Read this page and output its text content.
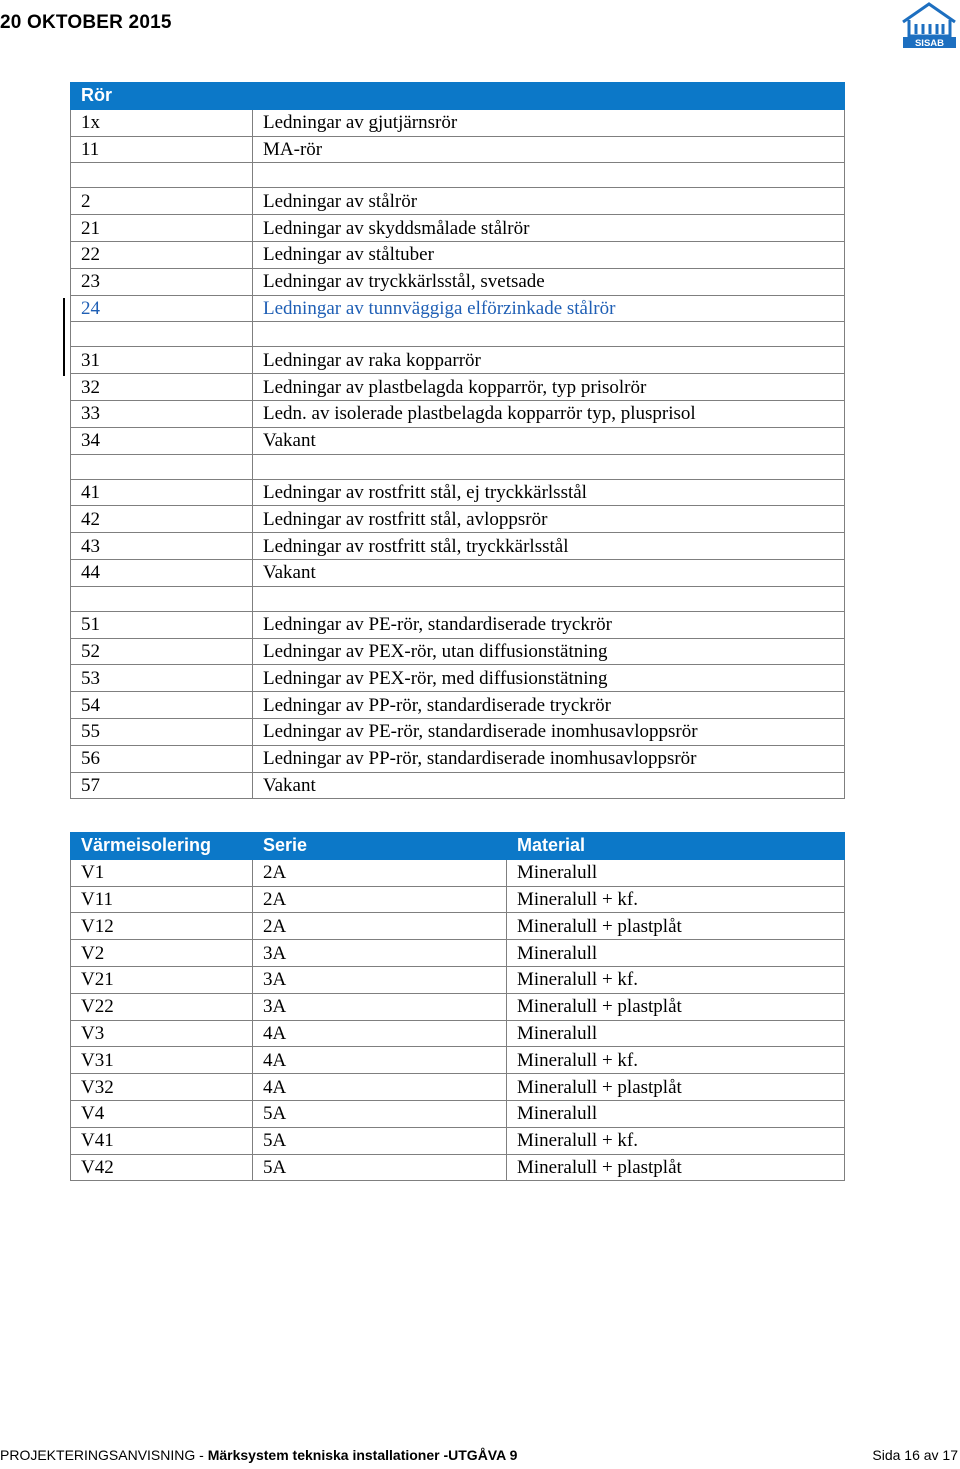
20 OKTOBER 2015
SISAB
Rör	
1x	Ledningar av gjutjärnsrör
11	MA-rör

2	Ledningar av stålrör
21	Ledningar av skyddsmålade stålrör
22	Ledningar av ståltuber
23	Ledningar av tryckkärlsstål, svetsade
24	Ledningar av tunnväggiga elförzinkade stålrör

31	Ledningar av raka kopparrör
32	Ledningar av plastbelagda kopparrör, typ prisolrör
33	Ledn. av isolerade plastbelagda kopparrör typ, plusprisol
34	Vakant

41	Ledningar av rostfritt stål, ej tryckkärlsstål
42	Ledningar av rostfritt stål, avloppsrör
43	Ledningar av rostfritt stål, tryckkärlsstål
44	Vakant

51	Ledningar av PE-rör, standardiserade tryckrör
52	Ledningar av PEX-rör, utan diffusionstätning
53	Ledningar av PEX-rör, med diffusionstätning
54	Ledningar av PP-rör, standardiserade tryckrör
55	Ledningar av PE-rör, standardiserade inomhusavloppsrör
56	Ledningar av PP-rör, standardiserade inomhusavloppsrör
57	Vakant
Värmeisolering	Serie	Material
V1	2A	Mineralull
V11	2A	Mineralull + kf.
V12	2A	Mineralull + plastplåt
V2	3A	Mineralull
V21	3A	Mineralull + kf.
V22	3A	Mineralull + plastplåt
V3	4A	Mineralull
V31	4A	Mineralull + kf.
V32	4A	Mineralull + plastplåt
V4	5A	Mineralull
V41	5A	Mineralull + kf.
V42	5A	Mineralull + plastplåt
PROJEKTERINGSANVISNING - Märksystem tekniska installationer -UTGÅVA 9	Sida 16 av 17
